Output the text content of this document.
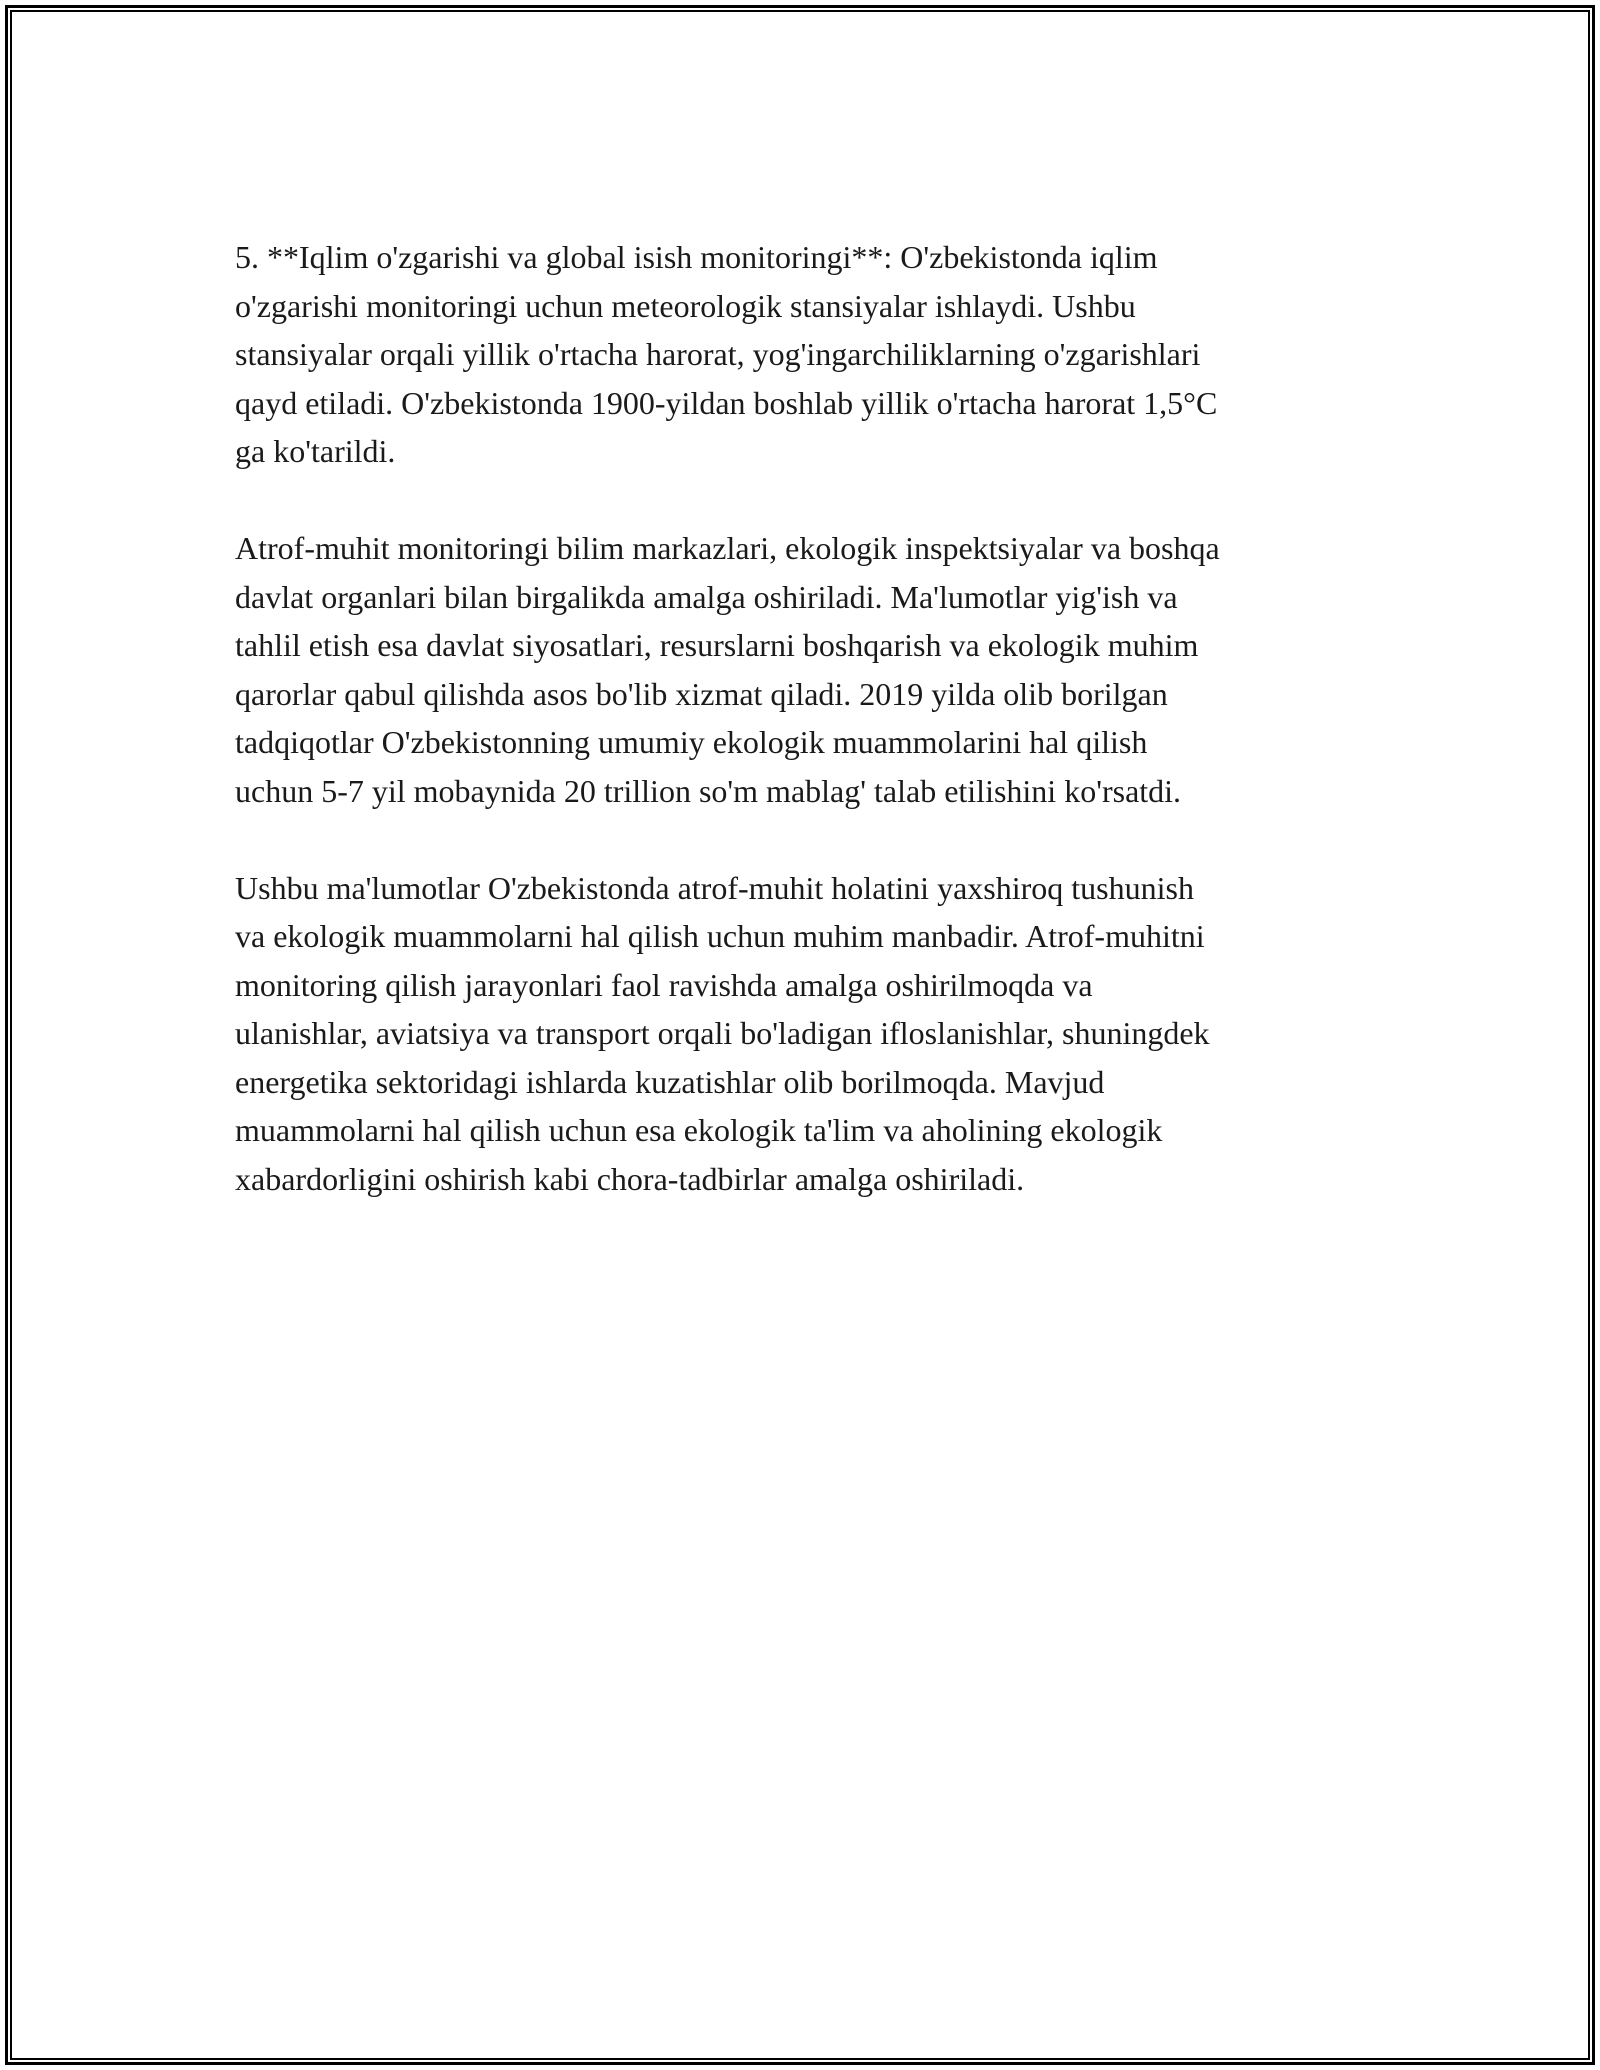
5. **Iqlim o'zgarishi va global isish monitoringi**: O'zbekistonda iqlim
o'zgarishi monitoringi uchun meteorologik stansiyalar ishlaydi. Ushbu
stansiyalar orqali yillik o'rtacha harorat, yog'ingarchiliklarning o'zgarishlari
qayd etiladi. O'zbekistonda 1900-yildan boshlab yillik o'rtacha harorat 1,5°C
ga ko'tarildi.

Atrof-muhit monitoringi bilim markazlari, ekologik inspektsiyalar va boshqa
davlat organlari bilan birgalikda amalga oshiriladi. Ma'lumotlar yig'ish va
tahlil etish esa davlat siyosatlari, resurslarni boshqarish va ekologik muhim
qarorlar qabul qilishda asos bo'lib xizmat qiladi. 2019 yilda olib borilgan
tadqiqotlar O'zbekistonning umumiy ekologik muammolarini hal qilish
uchun 5-7 yil mobaynida 20 trillion so'm mablag' talab etilishini ko'rsatdi.

Ushbu ma'lumotlar O'zbekistonda atrof-muhit holatini yaxshiroq tushunish
va ekologik muammolarni hal qilish uchun muhim manbadir. Atrof-muhitni
monitoring qilish jarayonlari faol ravishda amalga oshirilmoqda va
ulanishlar, aviatsiya va transport orqali bo'ladigan ifloslanishlar, shuningdek
energetika sektoridagi ishlarda kuzatishlar olib borilmoqda. Mavjud
muammolarni hal qilish uchun esa ekologik ta'lim va aholining ekologik
xabardorligini oshirish kabi chora-tadbirlar amalga oshiriladi.
